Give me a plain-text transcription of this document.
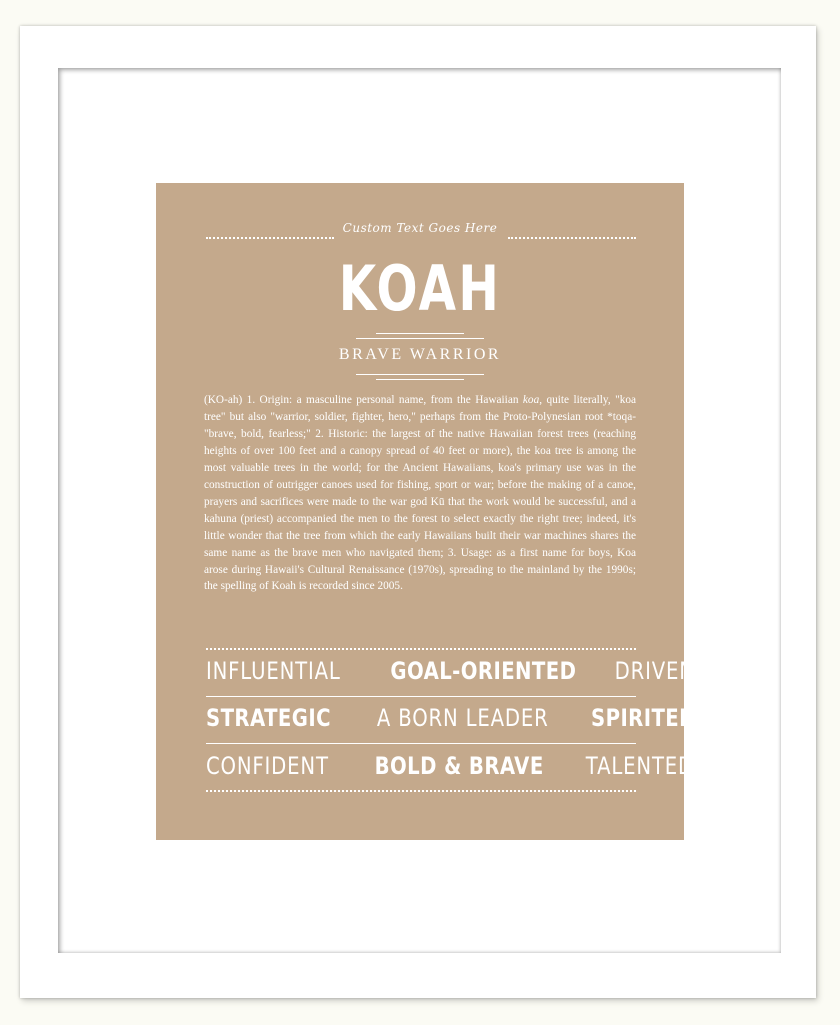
Custom Text Goes Here
KOAH
BRAVE WARRIOR
(KO-ah) 1. Origin: a masculine personal name, from the Hawaiian koa, quite literally, "koa tree" but also "warrior, soldier, fighter, hero," perhaps from the Proto-Polynesian root *toqa- "brave, bold, fearless;" 2. Historic: the largest of the native Hawaiian forest trees (reaching heights of over 100 feet and a canopy spread of 40 feet or more), the koa tree is among the most valuable trees in the world; for the Ancient Hawaiians, koa's primary use was in the construction of outrigger canoes used for fishing, sport or war; before the making of a canoe, prayers and sacrifices were made to the war god Kū that the work would be successful, and a kahuna (priest) accompanied the men to the forest to select exactly the right tree; indeed, it's little wonder that the tree from which the early Hawaiians built their war machines shares the same name as the brave men who navigated them; 3. Usage: as a first name for boys, Koa arose during Hawaii's Cultural Renaissance (1970s), spreading to the mainland by the 1990s; the spelling of Koah is recorded since 2005.
INFLUENTIAL GOAL-ORIENTED DRIVEN
STRATEGIC A BORN LEADER SPIRITED
CONFIDENT BOLD & BRAVE TALENTED
